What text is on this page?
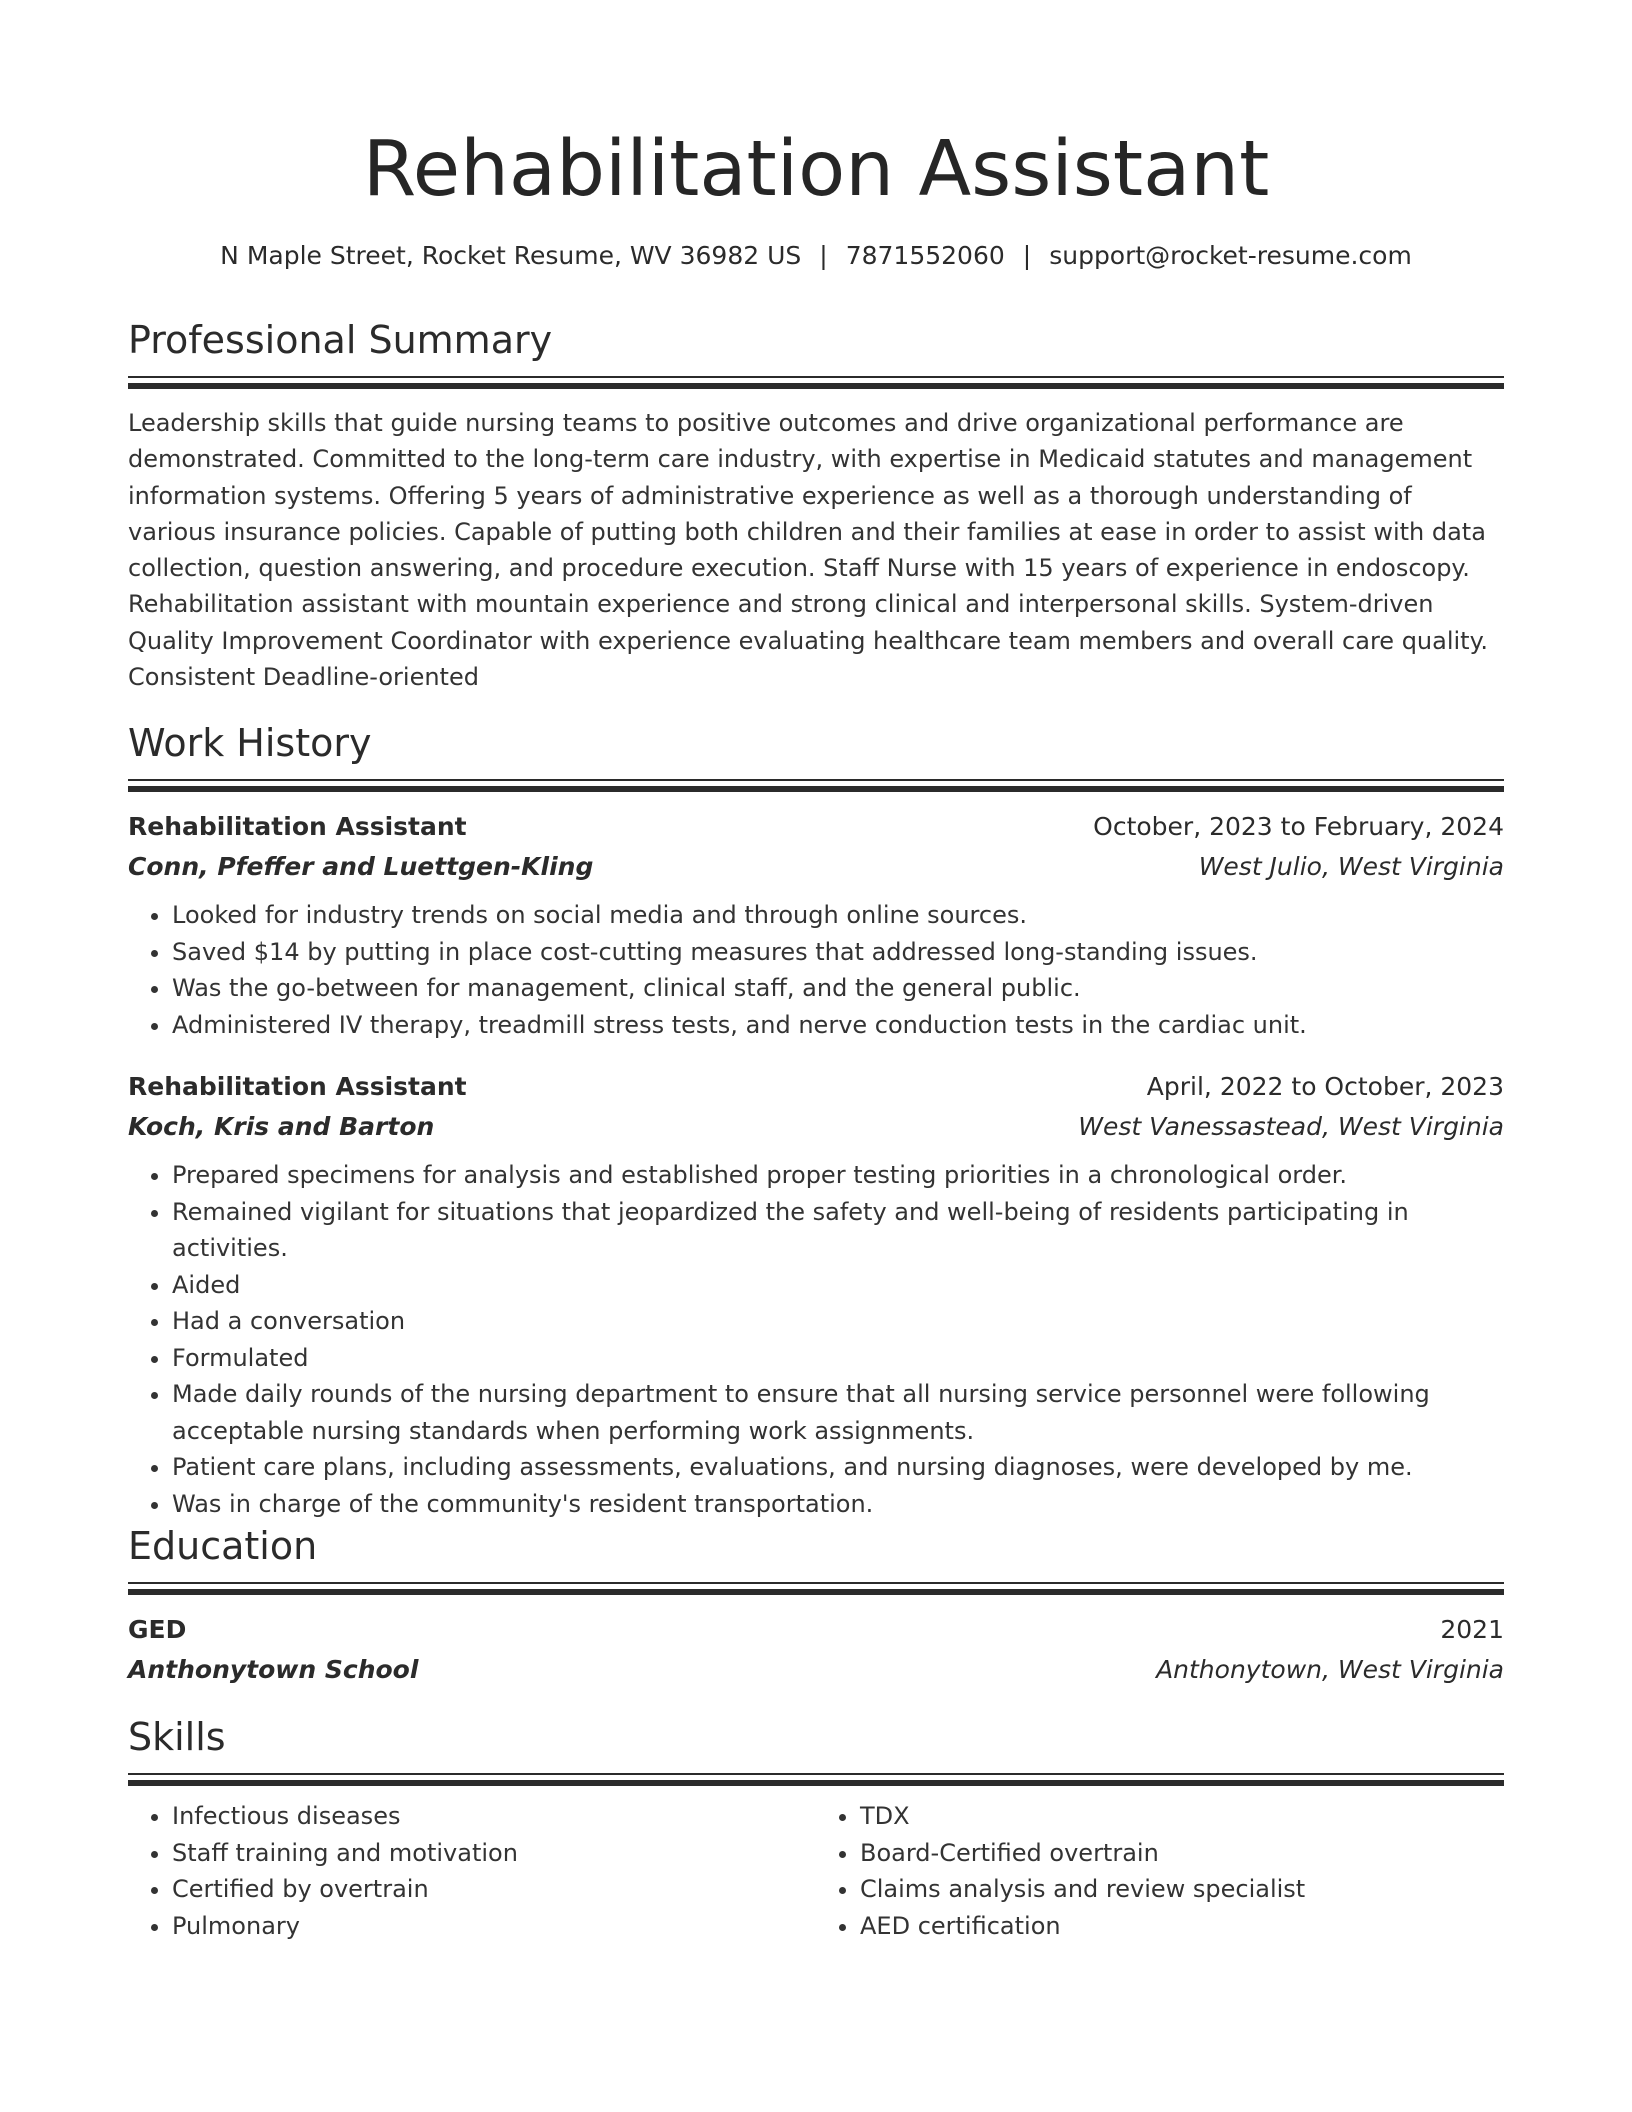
Rehabilitation Assistant
N Maple Street, Rocket Resume, WV 36982 US | 7871552060 | support@rocket-resume.com
Professional Summary
Leadership skills that guide nursing teams to positive outcomes and drive organizational performance are demonstrated. Committed to the long-term care industry, with expertise in Medicaid statutes and management information systems. Offering 5 years of administrative experience as well as a thorough understanding of various insurance policies. Capable of putting both children and their families at ease in order to assist with data collection, question answering, and procedure execution. Staff Nurse with 15 years of experience in endoscopy. Rehabilitation assistant with mountain experience and strong clinical and interpersonal skills. System-driven Quality Improvement Coordinator with experience evaluating healthcare team members and overall care quality. Consistent Deadline-oriented
Work History
Rehabilitation Assistant	October, 2023 to February, 2024
Conn, Pfeffer and Luettgen-Kling	West Julio, West Virginia
• Looked for industry trends on social media and through online sources.
• Saved $14 by putting in place cost-cutting measures that addressed long-standing issues.
• Was the go-between for management, clinical staff, and the general public.
• Administered IV therapy, treadmill stress tests, and nerve conduction tests in the cardiac unit.
Rehabilitation Assistant	April, 2022 to October, 2023
Koch, Kris and Barton	West Vanessastead, West Virginia
• Prepared specimens for analysis and established proper testing priorities in a chronological order.
• Remained vigilant for situations that jeopardized the safety and well-being of residents participating in activities.
• Aided
• Had a conversation
• Formulated
• Made daily rounds of the nursing department to ensure that all nursing service personnel were following acceptable nursing standards when performing work assignments.
• Patient care plans, including assessments, evaluations, and nursing diagnoses, were developed by me.
• Was in charge of the community's resident transportation.
Education
GED	2021
Anthonytown School	Anthonytown, West Virginia
Skills
• Infectious diseases
• Staff training and motivation
• Certified by overtrain
• Pulmonary
• TDX
• Board-Certified overtrain
• Claims analysis and review specialist
• AED certification
